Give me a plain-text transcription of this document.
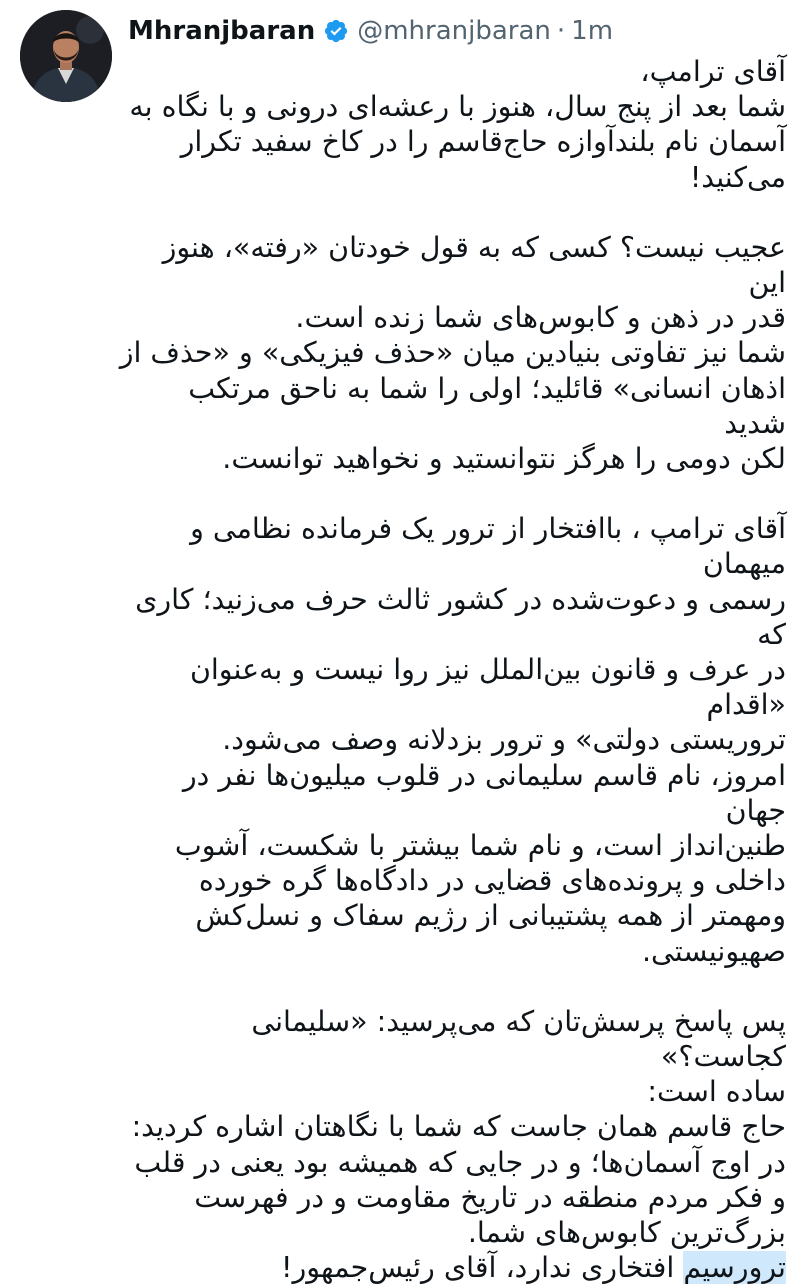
Mhranjbaran @mhranjbaran · 1m

آقای ترامپ،
شما بعد از پنج سال، هنوز با رعشه‌ای درونی و با نگاه به
آسمان نام بلندآوازه حاج‌قاسم را در کاخ سفید تکرار
می‌کنید!

عجیب نیست؟ کسی که به قول خودتان «رفته»، هنوز این
قدر در ذهن و کابوس‌های شما زنده است.
شما نیز تفاوتی بنیادین میان «حذف فیزیکی» و «حذف از
اذهان انسانی» قائلید؛ اولی را شما به ناحق مرتکب شدید
لکن دومی را هرگز نتوانستید و نخواهید توانست.

آقای ترامپ ، باافتخار از ترور یک فرمانده نظامی و میهمان
رسمی و دعوت‌شده در کشور ثالث حرف می‌زنید؛ کاری که
در عرف و قانون بین‌الملل نیز روا نیست و به‌عنوان «اقدام
تروریستی دولتی» و ترور بزدلانه وصف می‌شود.
امروز، نام قاسم سلیمانی در قلوب میلیون‌ها نفر در جهان
طنین‌انداز است، و نام شما بیشتر با شکست، آشوب
داخلی و پرونده‌های قضایی در دادگاه‌ها گره خورده
ومهمتر از همه پشتیبانی از رژیم سفاک و نسل‌کش
صهیونیستی.

پس پاسخ پرسش‌تان که می‌پرسید: «سلیمانی کجاست؟»
ساده است:
حاج قاسم همان جاست که شما با نگاهتان اشاره کردید:
در اوج آسمان‌ها؛ و در جایی که همیشه بود یعنی در قلب
و فکر مردم منطقه در تاریخ مقاومت و در فهرست
بزرگ‌ترین کابوس‌های شما.
ترورسیم افتخاری ندارد، آقای رئیس‌جمهور!
